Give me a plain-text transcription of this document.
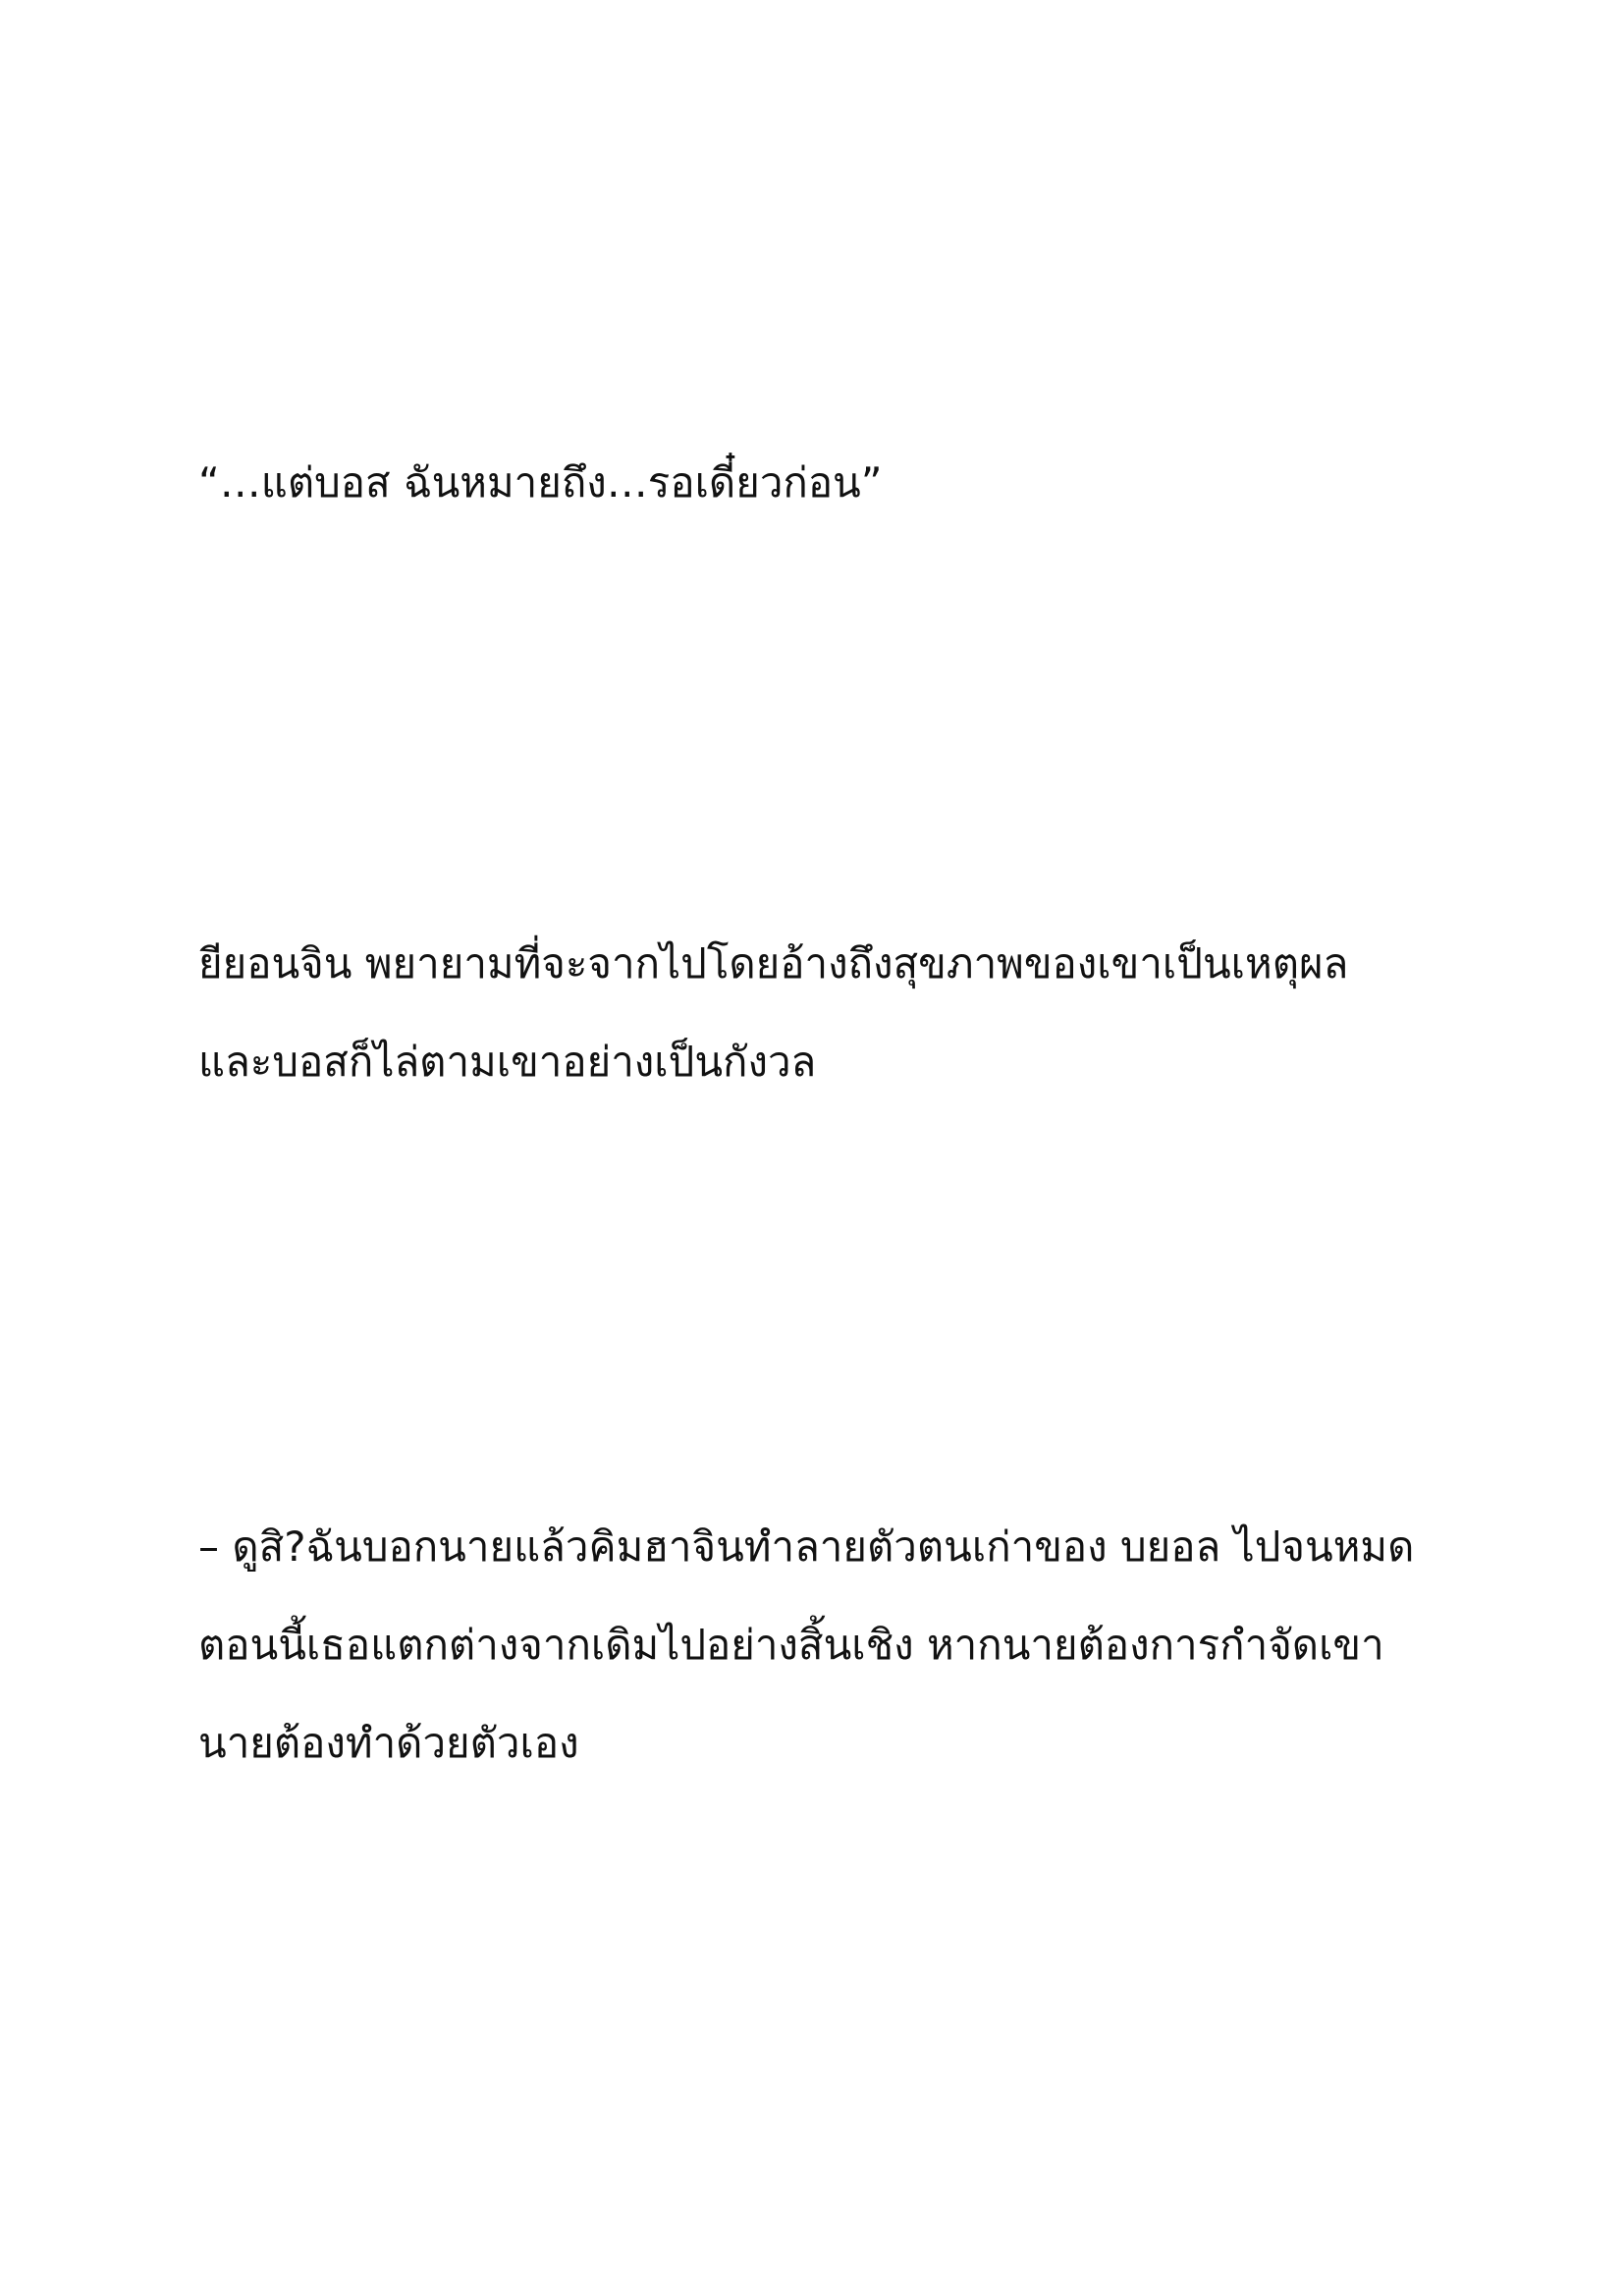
“…แต่บอส ฉันหมายถึง…รอเดี๋ยวก่อน”
ยียอนจิน พยายามที่จะจากไปโดยอ้างถึงสุขภาพของเขาเป็นเหตุผล
และบอสก็ไล่ตามเขาอย่างเป็นกังวล
– ดูสิ?ฉันบอกนายแล้วคิมฮาจินทำลายตัวตนเก่าของ บยอล ไปจนหมด
ตอนนี้เธอแตกต่างจากเดิมไปอย่างสิ้นเชิง หากนายต้องการกำจัดเขา
นายต้องทำด้วยตัวเอง
